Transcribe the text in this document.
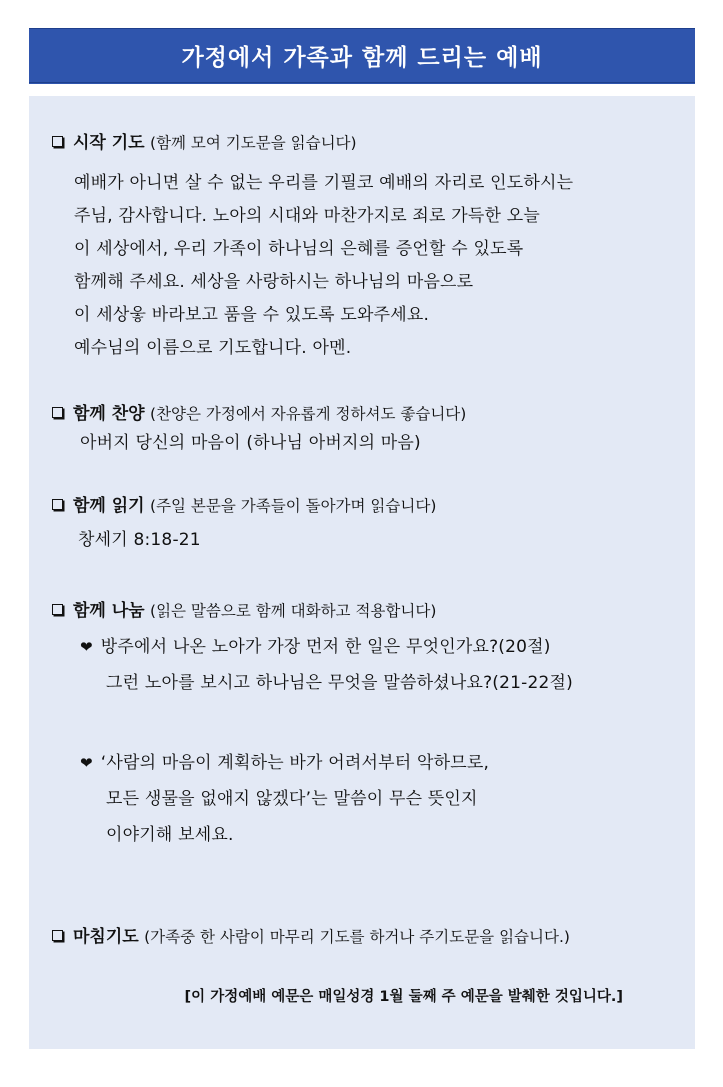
가정에서 가족과 함께 드리는 예배
시작 기도 (함께 모여 기도문을 읽습니다)
예배가 아니면 살 수 없는 우리를 기필코 예배의 자리로 인도하시는
주님, 감사합니다. 노아의 시대와 마찬가지로 죄로 가득한 오늘
이 세상에서, 우리 가족이 하나님의 은혜를 증언할 수 있도록
함께해 주세요. 세상을 사랑하시는 하나님의 마음으로
이 세상웋 바라보고 품을 수 있도록 도와주세요.
예수님의 이름으로 기도합니다. 아멘.
함께 찬양 (찬양은 가정에서 자유롭게 정하셔도 좋습니다)
아버지 당신의 마음이 (하나님 아버지의 마음)
함께 읽기 (주일 본문을 가족들이 돌아가며 읽습니다)
창세기 8:18-21
함께 나눔 (읽은 말씀으로 함께 대화하고 적용합니다)
❤ 방주에서 나온 노아가 가장 먼저 한 일은 무엇인가요?(20절)
그런 노아를 보시고 하나님은 무엇을 말씀하셨나요?(21-22절)
❤ ‘사람의 마음이 계획하는 바가 어려서부터 악하므로,
모든 생물을 없애지 않겠다’는 말씀이 무슨 뜻인지
이야기해 보세요.
마침기도 (가족중 한 사람이 마무리 기도를 하거나 주기도문을 읽습니다.)
[이 가정예배 예문은 매일성경 1월 둘째 주 예문을 발췌한 것입니다.]
